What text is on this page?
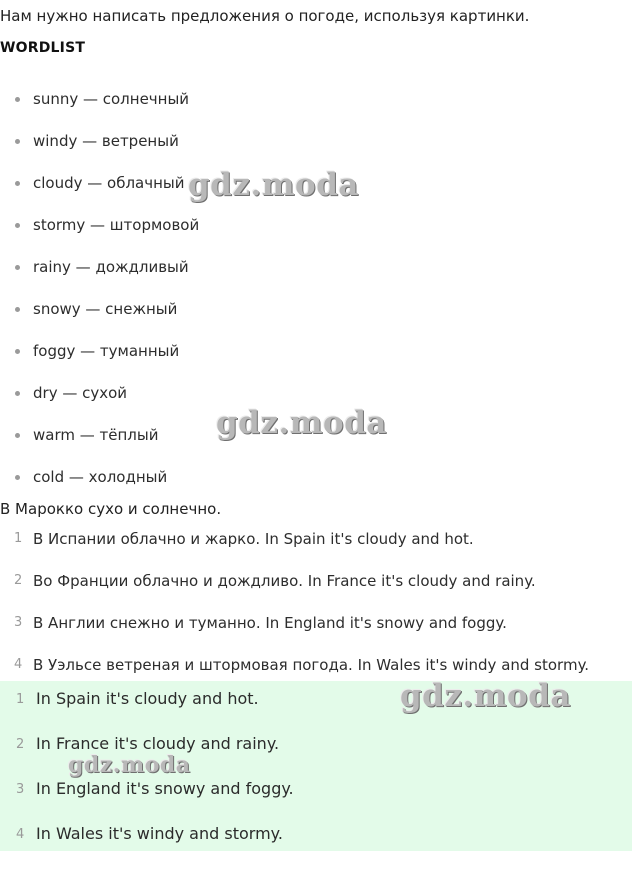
Нам нужно написать предложения о погоде, используя картинки.
WORDLIST
sunny — солнечный
windy — ветреный
cloudy — облачный
stormy — штормовой
rainy — дождливый
snowy — снежный
foggy — туманный
dry — сухой
warm — тёплый
cold — холодный
В Марокко сухо и солнечно.
1 В Испании облачно и жарко. In Spain it's cloudy and hot.
2 Во Франции облачно и дождливо. In France it's cloudy and rainy.
3 В Англии снежно и туманно. In England it's snowy and foggy.
4 В Уэльсе ветреная и штормовая погода. In Wales it's windy and stormy.
1 In Spain it's cloudy and hot.
2 In France it's cloudy and rainy.
3 In England it's snowy and foggy.
4 In Wales it's windy and stormy.
gdz.moda
gdz.moda
gdz.moda
gdz.moda
